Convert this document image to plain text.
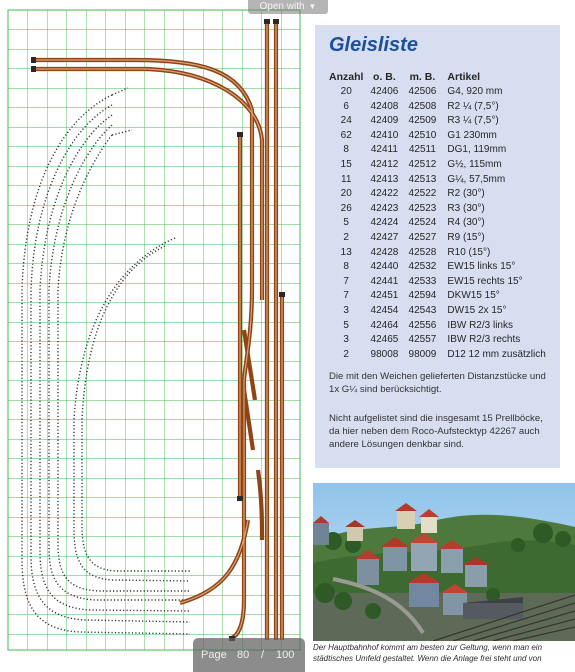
Open with ▼
Gleisliste
Anzahl	o. B.	m. B.	Artikel
20	42406	42506	G4, 920 mm
6	42408	42508	R2 ¼ (7,5°)
24	42409	42509	R3 ¼ (7,5°)
62	42410	42510	G1 230mm
8	42411	42511	DG1, 119mm
15	42412	42512	G½, 115mm
11	42413	42513	G¼, 57,5mm
20	42422	42522	R2 (30°)
26	42423	42523	R3 (30°)
5	42424	42524	R4 (30°)
2	42427	42527	R9 (15°)
13	42428	42528	R10 (15°)
8	42440	42532	EW15 links 15°
7	42441	42533	EW15 rechts 15°
7	42451	42594	DKW15 15°
3	42454	42543	DW15 2x 15°
5	42464	42556	IBW R2/3 links
3	42465	42557	IBW R2/3 rechts
2	98008	98009	D12 12 mm zusätzlich
Die mit den Weichen gelieferten Distanzstücke und 1x G¼ sind berücksichtigt.
Nicht aufgelistet sind die insgesamt 15 Prellböcke, da hier neben dem Roco-Aufstecktyp 42267 auch andere Lösungen denkbar sind.
Der Hauptbahnhof kommt am besten zur Geltung, wenn man ein städtisches Umfeld gestaltet. Wenn die Anlage frei steht und von
Page 80 / 100
